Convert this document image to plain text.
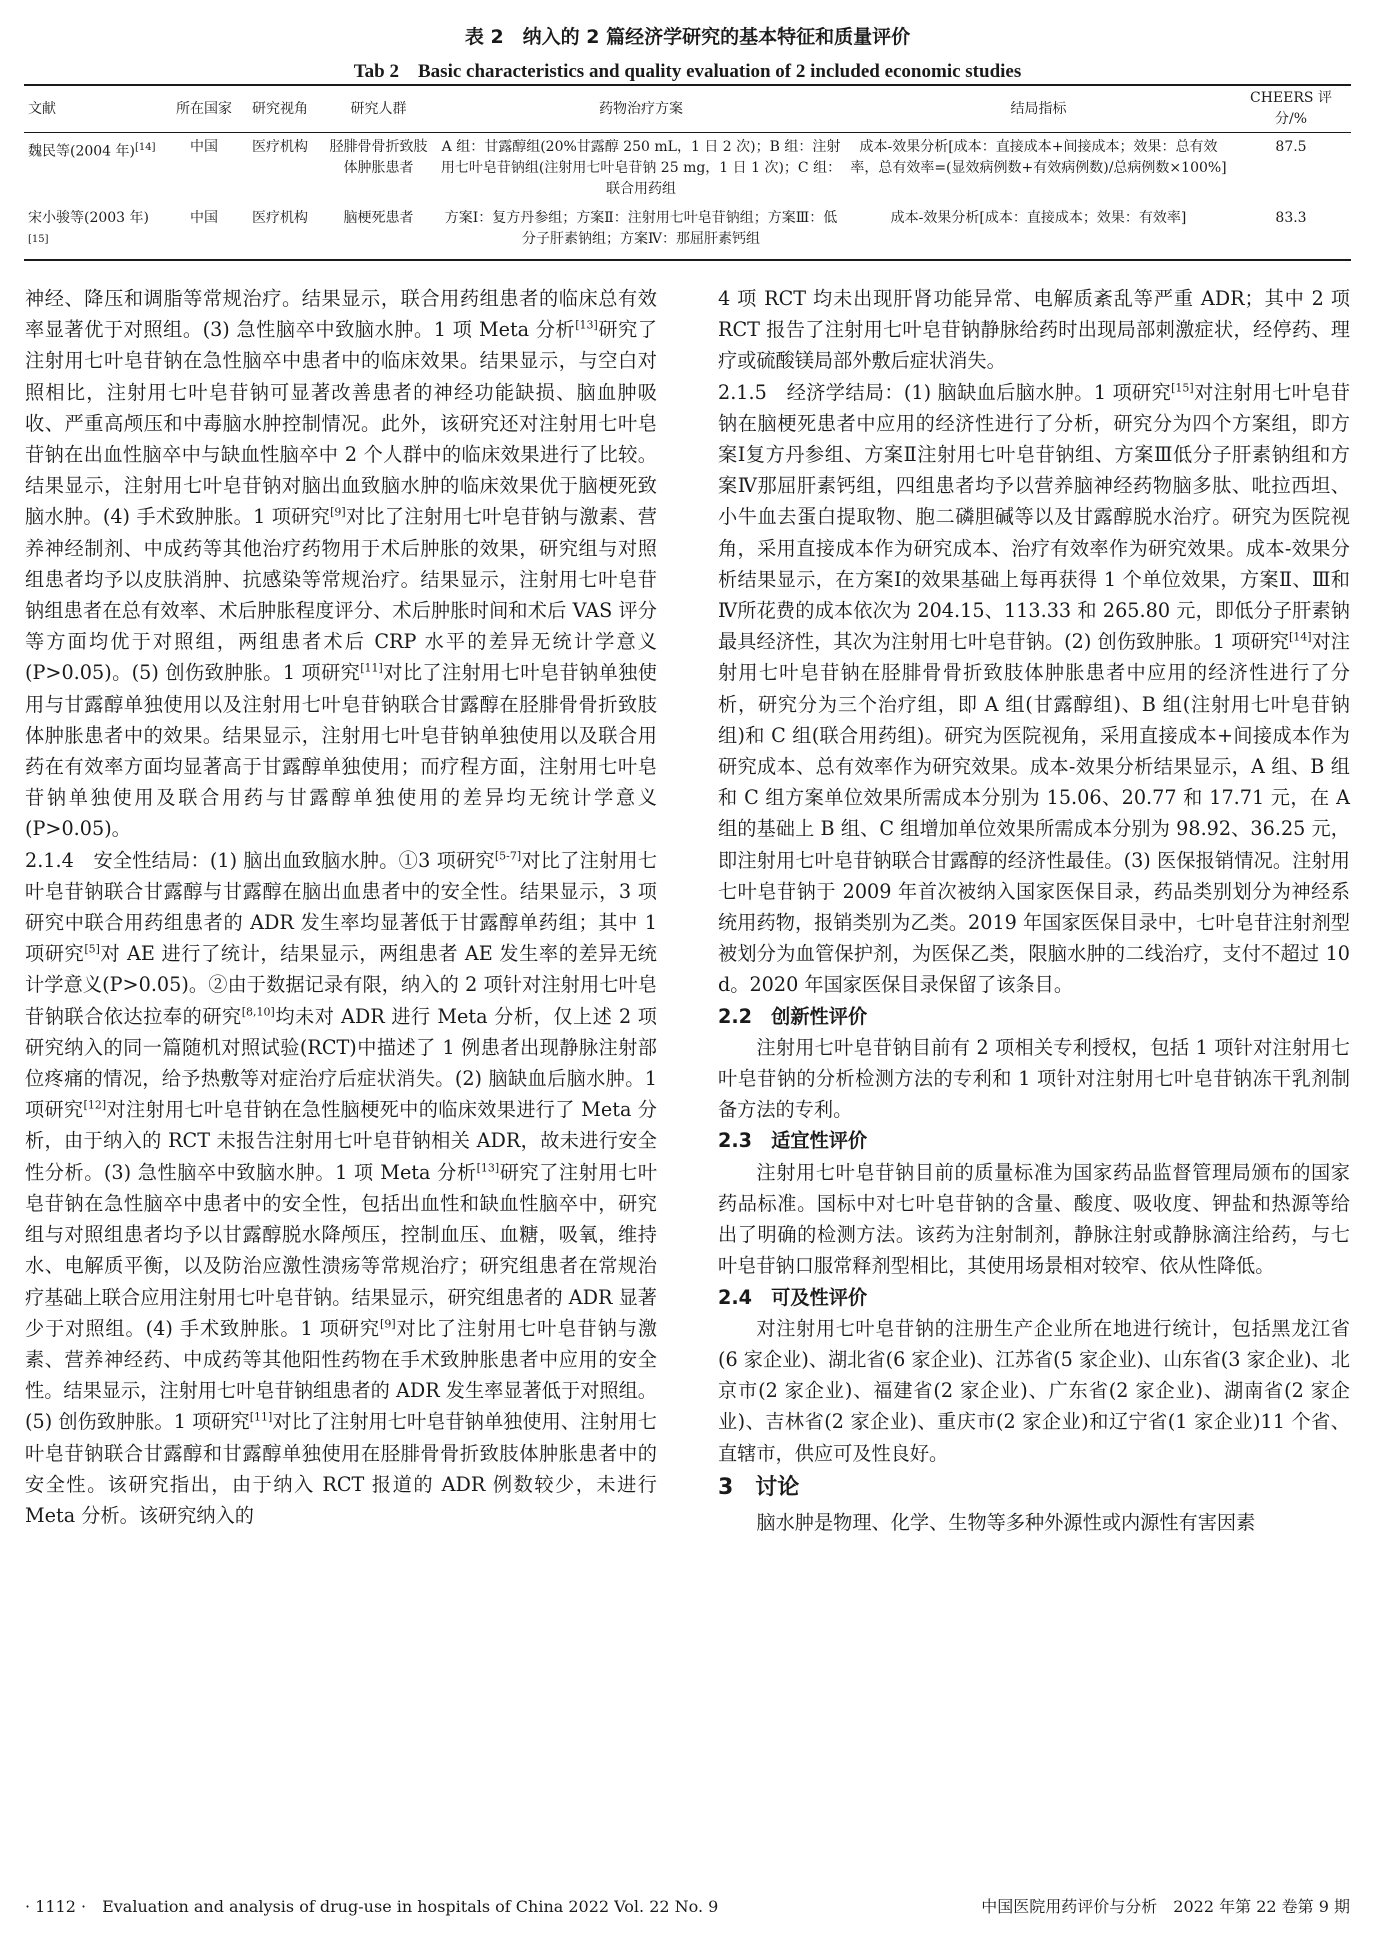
表 2　纳入的 2 篇经济学研究的基本特征和质量评价
Tab 2　Basic characteristics and quality evaluation of 2 included economic studies
文献	所在国家	研究视角	研究人群	药物治疗方案	结局指标	CHEERS 评分/%
魏民等(2004 年)[14]	中国	医疗机构	胫腓骨骨折致肢体肿胀患者	A 组：甘露醇组(20%甘露醇 250 mL，1 日 2 次)；B 组：注射用七叶皂苷钠组(注射用七叶皂苷钠 25 mg，1 日 1 次)；C 组：联合用药组	成本-效果分析[成本：直接成本+间接成本；效果：总有效率，总有效率=(显效病例数+有效病例数)/总病例数×100%]	87.5
宋小骏等(2003 年)[15]	中国	医疗机构	脑梗死患者	方案Ⅰ：复方丹参组；方案Ⅱ：注射用七叶皂苷钠组；方案Ⅲ：低分子肝素钠组；方案Ⅳ：那屈肝素钙组	成本-效果分析[成本：直接成本；效果：有效率]	83.3

神经、降压和调脂等常规治疗。结果显示，联合用药组患者的临床总有效率显著优于对照组。(3) 急性脑卒中致脑水肿。1 项 Meta 分析[13]研究了注射用七叶皂苷钠在急性脑卒中患者中的临床效果。结果显示，与空白对照相比，注射用七叶皂苷钠可显著改善患者的神经功能缺损、脑血肿吸收、严重高颅压和中毒脑水肿控制情况。此外，该研究还对注射用七叶皂苷钠在出血性脑卒中与缺血性脑卒中 2 个人群中的临床效果进行了比较。结果显示，注射用七叶皂苷钠对脑出血致脑水肿的临床效果优于脑梗死致脑水肿。(4) 手术致肿胀。1 项研究[9]对比了注射用七叶皂苷钠与激素、营养神经制剂、中成药等其他治疗药物用于术后肿胀的效果，研究组与对照组患者均予以皮肤消肿、抗感染等常规治疗。结果显示，注射用七叶皂苷钠组患者在总有效率、术后肿胀程度评分、术后肿胀时间和术后 VAS 评分等方面均优于对照组，两组患者术后 CRP 水平的差异无统计学意义(P>0.05)。(5) 创伤致肿胀。1 项研究[11]对比了注射用七叶皂苷钠单独使用与甘露醇单独使用以及注射用七叶皂苷钠联合甘露醇在胫腓骨骨折致肢体肿胀患者中的效果。结果显示，注射用七叶皂苷钠单独使用以及联合用药在有效率方面均显著高于甘露醇单独使用；而疗程方面，注射用七叶皂苷钠单独使用及联合用药与甘露醇单独使用的差异均无统计学意义(P>0.05)。
2.1.4　安全性结局：(1) 脑出血致脑水肿。①3 项研究[5-7]对比了注射用七叶皂苷钠联合甘露醇与甘露醇在脑出血患者中的安全性。结果显示，3 项研究中联合用药组患者的 ADR 发生率均显著低于甘露醇单药组；其中 1 项研究[5]对 AE 进行了统计，结果显示，两组患者 AE 发生率的差异无统计学意义(P>0.05)。②由于数据记录有限，纳入的 2 项针对注射用七叶皂苷钠联合依达拉奉的研究[8,10]均未对 ADR 进行 Meta 分析，仅上述 2 项研究纳入的同一篇随机对照试验(RCT)中描述了 1 例患者出现静脉注射部位疼痛的情况，给予热敷等对症治疗后症状消失。(2) 脑缺血后脑水肿。1 项研究[12]对注射用七叶皂苷钠在急性脑梗死中的临床效果进行了 Meta 分析，由于纳入的 RCT 未报告注射用七叶皂苷钠相关 ADR，故未进行安全性分析。(3) 急性脑卒中致脑水肿。1 项 Meta 分析[13]研究了注射用七叶皂苷钠在急性脑卒中患者中的安全性，包括出血性和缺血性脑卒中，研究组与对照组患者均予以甘露醇脱水降颅压，控制血压、血糖，吸氧，维持水、电解质平衡，以及防治应激性溃疡等常规治疗；研究组患者在常规治疗基础上联合应用注射用七叶皂苷钠。结果显示，研究组患者的 ADR 显著少于对照组。(4) 手术致肿胀。1 项研究[9]对比了注射用七叶皂苷钠与激素、营养神经药、中成药等其他阳性药物在手术致肿胀患者中应用的安全性。结果显示，注射用七叶皂苷钠组患者的 ADR 发生率显著低于对照组。(5) 创伤致肿胀。1 项研究[11]对比了注射用七叶皂苷钠单独使用、注射用七叶皂苷钠联合甘露醇和甘露醇单独使用在胫腓骨骨折致肢体肿胀患者中的安全性。该研究指出，由于纳入 RCT 报道的 ADR 例数较少，未进行 Meta 分析。该研究纳入的

4 项 RCT 均未出现肝肾功能异常、电解质紊乱等严重 ADR；其中 2 项 RCT 报告了注射用七叶皂苷钠静脉给药时出现局部刺激症状，经停药、理疗或硫酸镁局部外敷后症状消失。
2.1.5　经济学结局：(1) 脑缺血后脑水肿。1 项研究[15]对注射用七叶皂苷钠在脑梗死患者中应用的经济性进行了分析，研究分为四个方案组，即方案Ⅰ复方丹参组、方案Ⅱ注射用七叶皂苷钠组、方案Ⅲ低分子肝素钠组和方案Ⅳ那屈肝素钙组，四组患者均予以营养脑神经药物脑多肽、吡拉西坦、小牛血去蛋白提取物、胞二磷胆碱等以及甘露醇脱水治疗。研究为医院视角，采用直接成本作为研究成本、治疗有效率作为研究效果。成本-效果分析结果显示，在方案Ⅰ的效果基础上每再获得 1 个单位效果，方案Ⅱ、Ⅲ和Ⅳ所花费的成本依次为 204.15、113.33 和 265.80 元，即低分子肝素钠最具经济性，其次为注射用七叶皂苷钠。(2) 创伤致肿胀。1 项研究[14]对注射用七叶皂苷钠在胫腓骨骨折致肢体肿胀患者中应用的经济性进行了分析，研究分为三个治疗组，即 A 组(甘露醇组)、B 组(注射用七叶皂苷钠组)和 C 组(联合用药组)。研究为医院视角，采用直接成本+间接成本作为研究成本、总有效率作为研究效果。成本-效果分析结果显示，A 组、B 组和 C 组方案单位效果所需成本分别为 15.06、20.77 和 17.71 元，在 A 组的基础上 B 组、C 组增加单位效果所需成本分别为 98.92、36.25 元，即注射用七叶皂苷钠联合甘露醇的经济性最佳。(3) 医保报销情况。注射用七叶皂苷钠于 2009 年首次被纳入国家医保目录，药品类别划分为神经系统用药物，报销类别为乙类。2019 年国家医保目录中，七叶皂苷注射剂型被划分为血管保护剂，为医保乙类，限脑水肿的二线治疗，支付不超过 10 d。2020 年国家医保目录保留了该条目。

2.2　创新性评价

注射用七叶皂苷钠目前有 2 项相关专利授权，包括 1 项针对注射用七叶皂苷钠的分析检测方法的专利和 1 项针对注射用七叶皂苷钠冻干乳剂制备方法的专利。

2.3　适宜性评价

注射用七叶皂苷钠目前的质量标准为国家药品监督管理局颁布的国家药品标准。国标中对七叶皂苷钠的含量、酸度、吸收度、钾盐和热源等给出了明确的检测方法。该药为注射制剂，静脉注射或静脉滴注给药，与七叶皂苷钠口服常释剂型相比，其使用场景相对较窄、依从性降低。

2.4　可及性评价

对注射用七叶皂苷钠的注册生产企业所在地进行统计，包括黑龙江省(6 家企业)、湖北省(6 家企业)、江苏省(5 家企业)、山东省(3 家企业)、北京市(2 家企业)、福建省(2 家企业)、广东省(2 家企业)、湖南省(2 家企业)、吉林省(2 家企业)、重庆市(2 家企业)和辽宁省(1 家企业)11 个省、直辖市，供应可及性良好。

3　讨论

脑水肿是物理、化学、生物等多种外源性或内源性有害因素

· 1112 ·　Evaluation and analysis of drug-use in hospitals of China 2022 Vol. 22 No. 9	中国医院用药评价与分析　2022 年第 22 卷第 9 期
